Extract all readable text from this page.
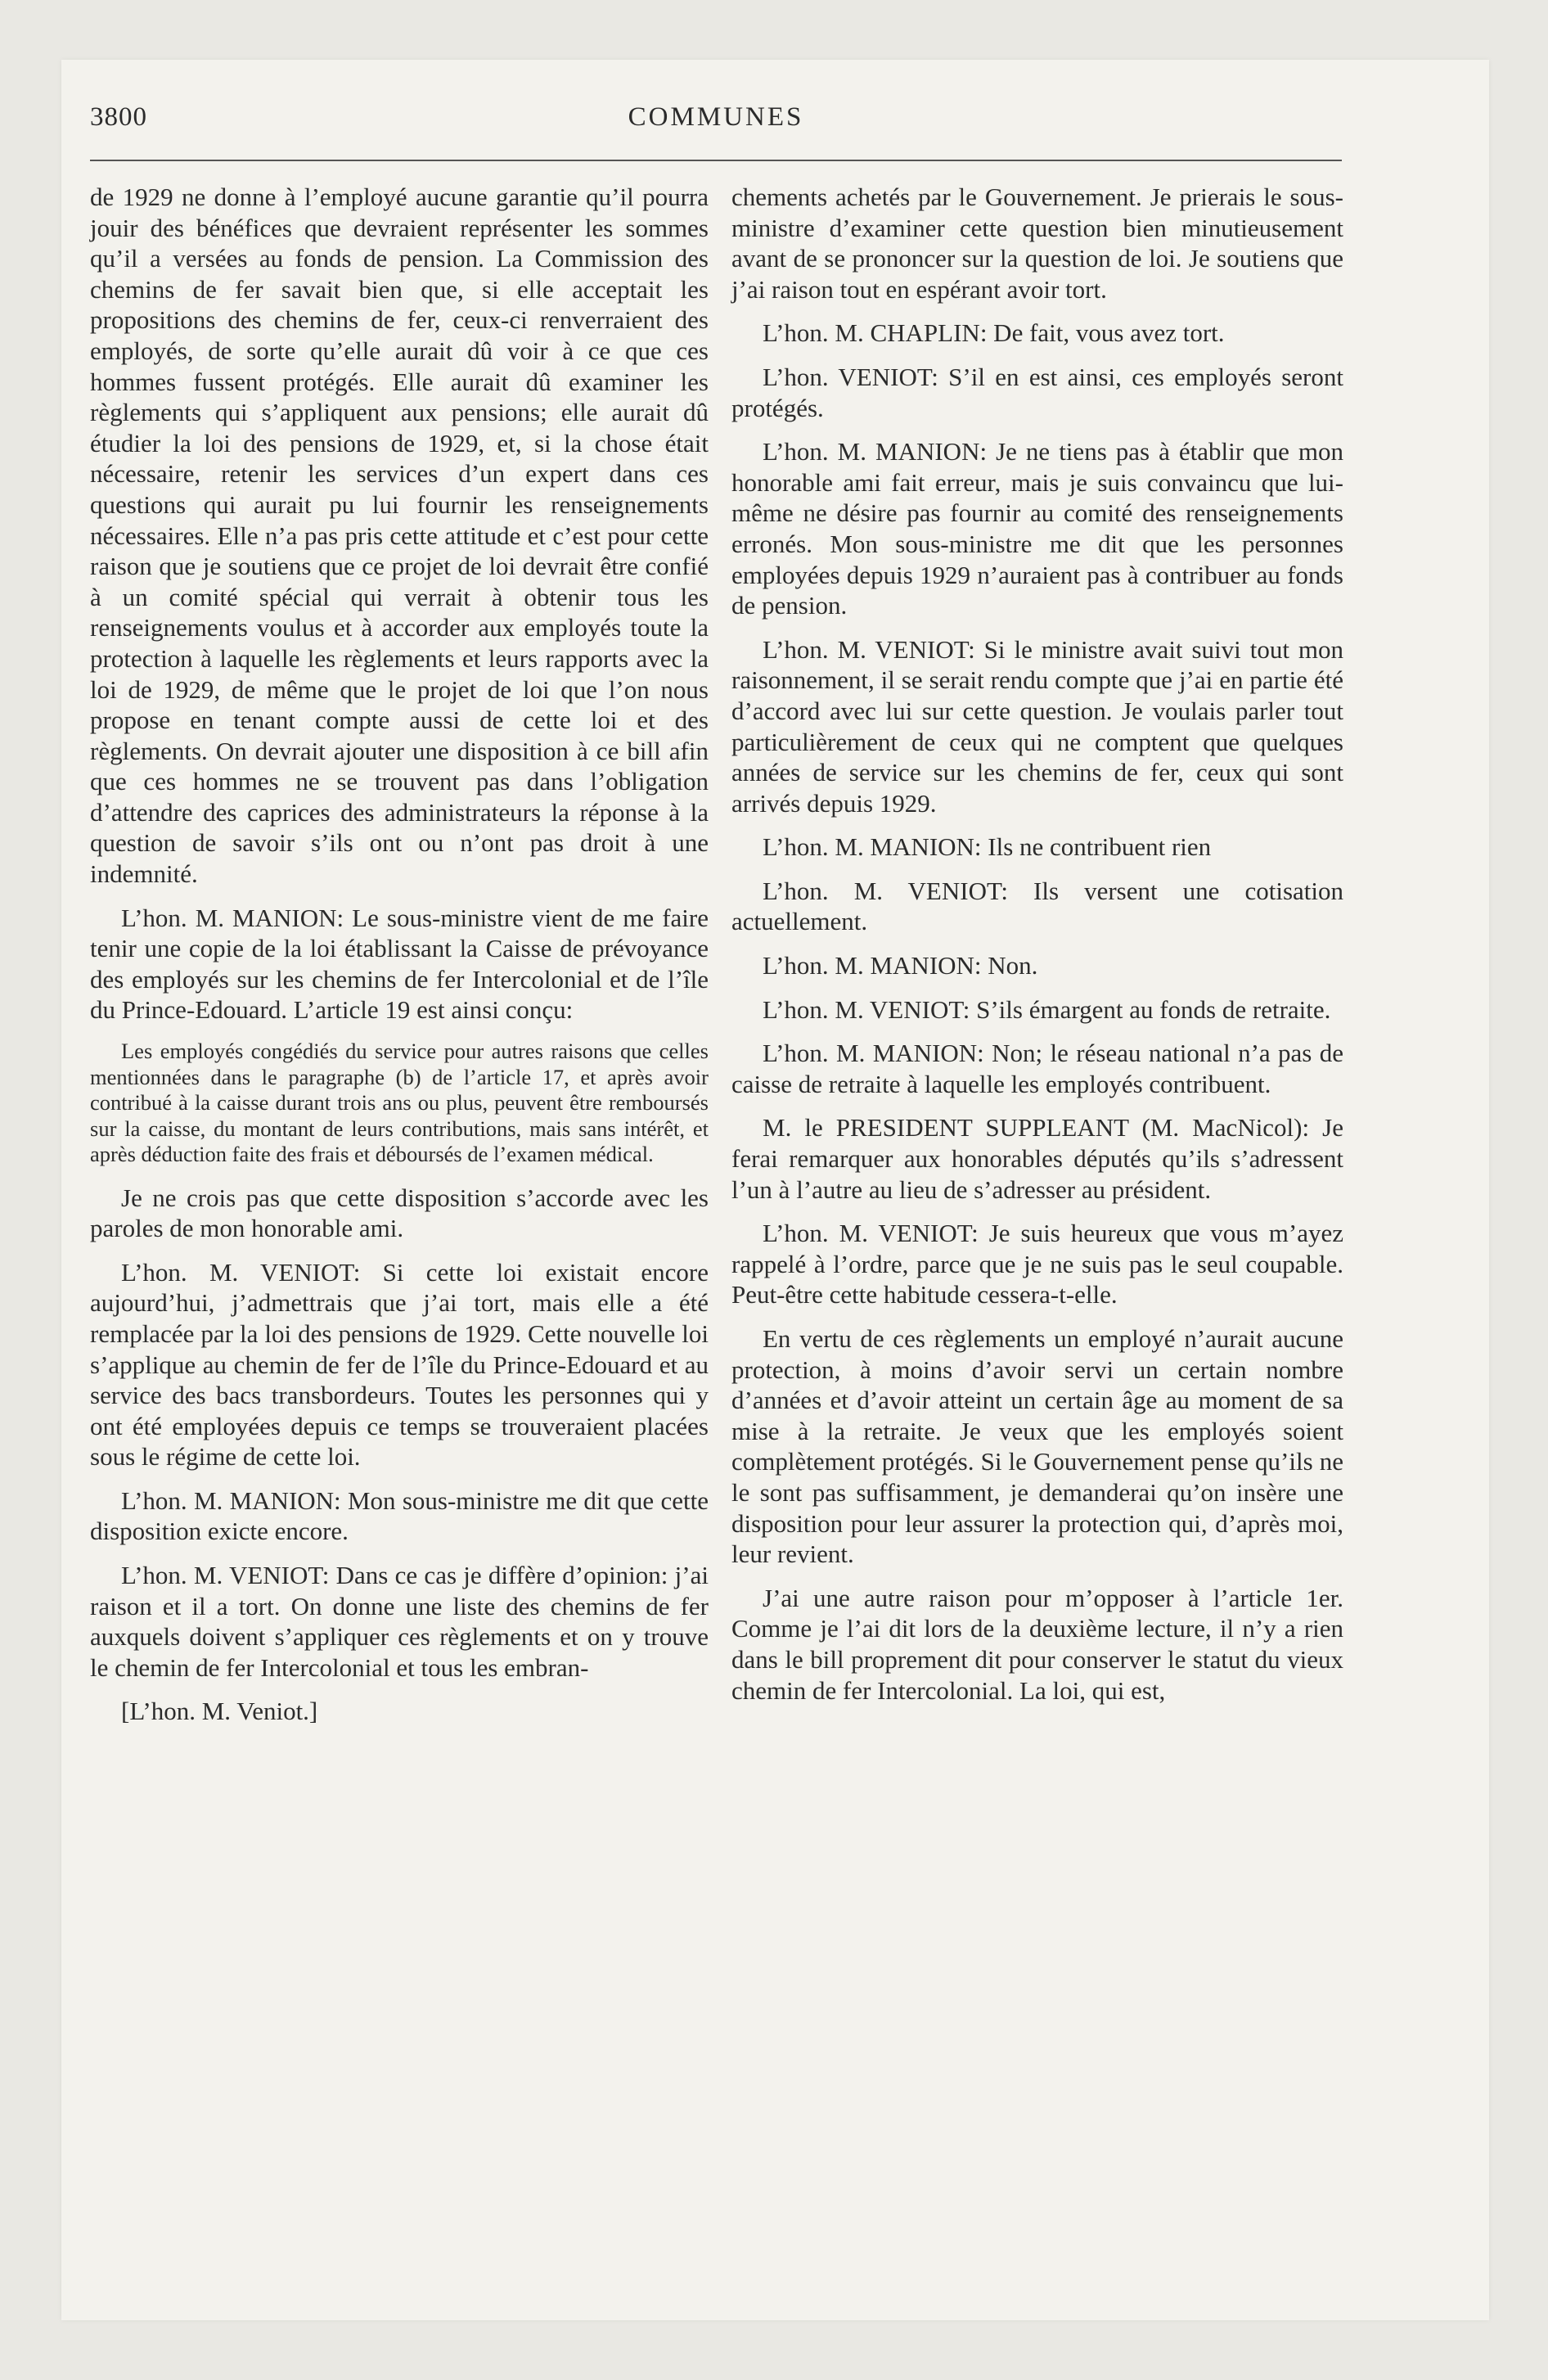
3800	COMMUNES

de 1929 ne donne à l’employé aucune garantie qu’il pourra jouir des bénéfices que devraient représenter les sommes qu’il a versées au fonds de pension. La Commission des chemins de fer savait bien que, si elle acceptait les propositions des chemins de fer, ceux-ci renverraient des employés, de sorte qu’elle aurait dû voir à ce que ces hommes fussent protégés. Elle aurait dû examiner les règlements qui s’appliquent aux pensions; elle aurait dû étudier la loi des pensions de 1929, et, si la chose était nécessaire, retenir les services d’un expert dans ces questions qui aurait pu lui fournir les renseignements nécessaires. Elle n’a pas pris cette attitude et c’est pour cette raison que je soutiens que ce projet de loi devrait être confié à un comité spécial qui verrait à obtenir tous les renseignements voulus et à accorder aux employés toute la protection à laquelle les règlements et leurs rapports avec la loi de 1929, de même que le projet de loi que l’on nous propose en tenant compte aussi de cette loi et des règlements. On devrait ajouter une disposition à ce bill afin que ces hommes ne se trouvent pas dans l’obligation d’attendre des caprices des administrateurs la réponse à la question de savoir s’ils ont ou n’ont pas droit à une indemnité.

L’hon. M. MANION: Le sous-ministre vient de me faire tenir une copie de la loi établissant la Caisse de prévoyance des employés sur les chemins de fer Intercolonial et de l’île du Prince-Edouard. L’article 19 est ainsi conçu:

Les employés congédiés du service pour autres raisons que celles mentionnées dans le paragraphe (b) de l’article 17, et après avoir contribué à la caisse durant trois ans ou plus, peuvent être remboursés sur la caisse, du montant de leurs contributions, mais sans intérêt, et après déduction faite des frais et déboursés de l’examen médical.

Je ne crois pas que cette disposition s’accorde avec les paroles de mon honorable ami.

L’hon. M. VENIOT: Si cette loi existait encore aujourd’hui, j’admettrais que j’ai tort, mais elle a été remplacée par la loi des pensions de 1929. Cette nouvelle loi s’applique au chemin de fer de l’île du Prince-Edouard et au service des bacs transbordeurs. Toutes les personnes qui y ont été employées depuis ce temps se trouveraient placées sous le régime de cette loi.

L’hon. M. MANION: Mon sous-ministre me dit que cette disposition exicte encore.

L’hon. M. VENIOT: Dans ce cas je diffère d’opinion: j’ai raison et il a tort. On donne une liste des chemins de fer auxquels doivent s’appliquer ces règlements et on y trouve le chemin de fer Intercolonial et tous les embran-

[L’hon. M. Veniot.]

chements achetés par le Gouvernement. Je prierais le sous-ministre d’examiner cette question bien minutieusement avant de se prononcer sur la question de loi. Je soutiens que j’ai raison tout en espérant avoir tort.

L’hon. M. CHAPLIN: De fait, vous avez tort.

L’hon. VENIOT: S’il en est ainsi, ces employés seront protégés.

L’hon. M. MANION: Je ne tiens pas à établir que mon honorable ami fait erreur, mais je suis convaincu que lui-même ne désire pas fournir au comité des renseignements erronés. Mon sous-ministre me dit que les personnes employées depuis 1929 n’auraient pas à contribuer au fonds de pension.

L’hon. M. VENIOT: Si le ministre avait suivi tout mon raisonnement, il se serait rendu compte que j’ai en partie été d’accord avec lui sur cette question. Je voulais parler tout particulièrement de ceux qui ne comptent que quelques années de service sur les chemins de fer, ceux qui sont arrivés depuis 1929.

L’hon. M. MANION: Ils ne contribuent rien

L’hon. M. VENIOT: Ils versent une cotisation actuellement.

L’hon. M. MANION: Non.

L’hon. M. VENIOT: S’ils émargent au fonds de retraite.

L’hon. M. MANION: Non; le réseau national n’a pas de caisse de retraite à laquelle les employés contribuent.

M. le PRESIDENT SUPPLEANT (M. MacNicol): Je ferai remarquer aux honorables députés qu’ils s’adressent l’un à l’autre au lieu de s’adresser au président.

L’hon. M. VENIOT: Je suis heureux que vous m’ayez rappelé à l’ordre, parce que je ne suis pas le seul coupable. Peut-être cette habitude cessera-t-elle.

En vertu de ces règlements un employé n’aurait aucune protection, à moins d’avoir servi un certain nombre d’années et d’avoir atteint un certain âge au moment de sa mise à la retraite. Je veux que les employés soient complètement protégés. Si le Gouvernement pense qu’ils ne le sont pas suffisamment, je demanderai qu’on insère une disposition pour leur assurer la protection qui, d’après moi, leur revient.

J’ai une autre raison pour m’opposer à l’article 1er. Comme je l’ai dit lors de la deuxième lecture, il n’y a rien dans le bill proprement dit pour conserver le statut du vieux chemin de fer Intercolonial. La loi, qui est,
